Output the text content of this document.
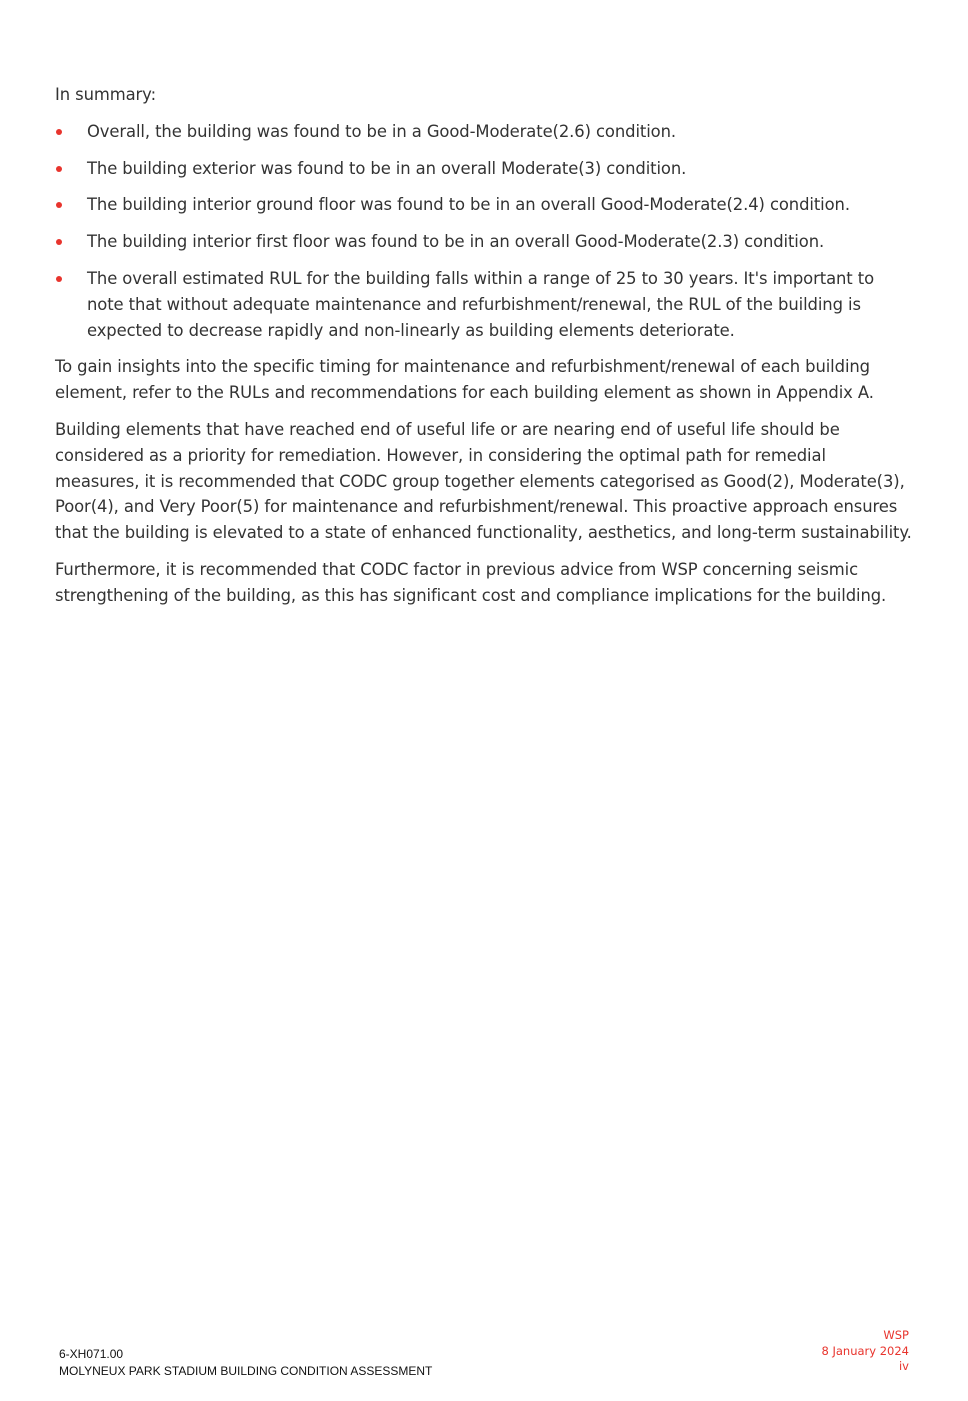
In summary:

Overall, the building was found to be in a Good-Moderate(2.6) condition.
The building exterior was found to be in an overall Moderate(3) condition.
The building interior ground floor was found to be in an overall Good-Moderate(2.4) condition.
The building interior first floor was found to be in an overall Good-Moderate(2.3) condition.
The overall estimated RUL for the building falls within a range of 25 to 30 years. It's important to note that without adequate maintenance and refurbishment/renewal, the RUL of the building is expected to decrease rapidly and non-linearly as building elements deteriorate.

To gain insights into the specific timing for maintenance and refurbishment/renewal of each building element, refer to the RULs and recommendations for each building element as shown in Appendix A.

Building elements that have reached end of useful life or are nearing end of useful life should be considered as a priority for remediation. However, in considering the optimal path for remedial measures, it is recommended that CODC group together elements categorised as Good(2), Moderate(3), Poor(4), and Very Poor(5) for maintenance and refurbishment/renewal. This proactive approach ensures that the building is elevated to a state of enhanced functionality, aesthetics, and long-term sustainability.

Furthermore, it is recommended that CODC factor in previous advice from WSP concerning seismic strengthening of the building, as this has significant cost and compliance implications for the building.

6-XH071.00
MOLYNEUX PARK STADIUM BUILDING CONDITION ASSESSMENT
WSP
8 January 2024
iv
